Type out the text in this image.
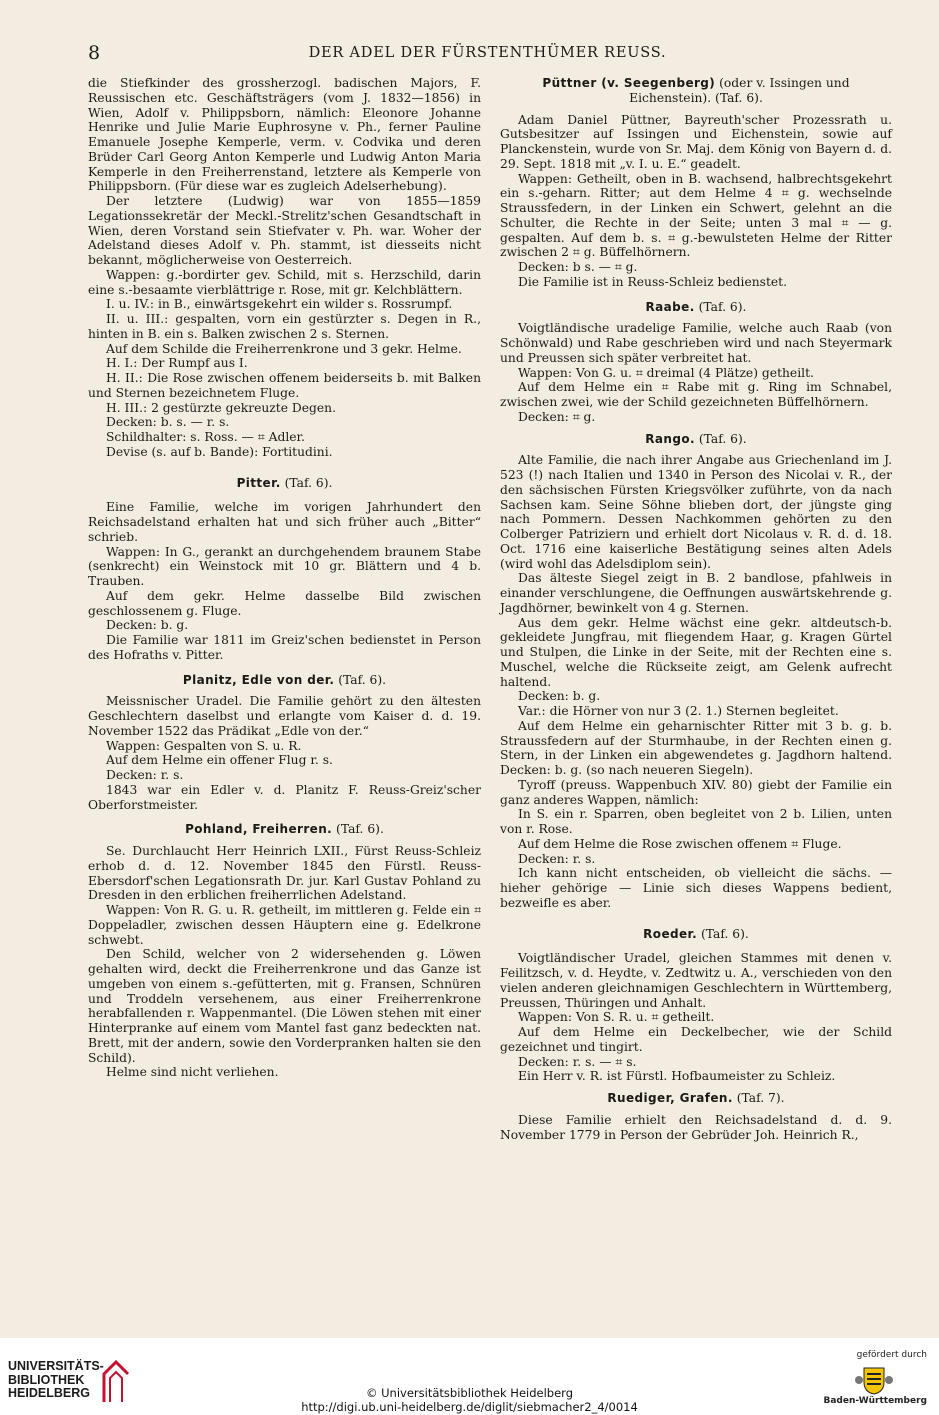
8	DER ADEL DER FÜRSTENTHÜMER REUSS.

die Stiefkinder des grossherzogl. badischen Majors, F. Reussischen etc. Geschäftsträgers (vom J. 1832—1856) in Wien, Adolf v. Philippsborn, nämlich: Eleonore Johanne Henrike und Julie Marie Euphrosyne v. Ph., ferner Pauline Emanuele Josephe Kemperle, verm. v. Codvika und deren Brüder Carl Georg Anton Kemperle und Ludwig Anton Maria Kemperle in den Freiherrenstand, letztere als Kemperle von Philippsborn. (Für diese war es zugleich Adelserhebung).

Der letztere (Ludwig) war von 1855—1859 Legationssekretär der Meckl.-Strelitz'schen Gesandtschaft in Wien, deren Vorstand sein Stiefvater v. Ph. war. Woher der Adelstand dieses Adolf v. Ph. stammt, ist diesseits nicht bekannt, möglicherweise von Oesterreich.

Wappen: g.-bordirter gev. Schild, mit s. Herzschild, darin eine s.-besaamte vierblättrige r. Rose, mit gr. Kelchblättern.

I. u. IV.: in B., einwärtsgekehrt ein wilder s. Rossrumpf.

II. u. III.: gespalten, vorn ein gestürzter s. Degen in R., hinten in B. ein s. Balken zwischen 2 s. Sternen.

Auf dem Schilde die Freiherrenkrone und 3 gekr. Helme.

H. I.: Der Rumpf aus I.

H. II.: Die Rose zwischen offenem beiderseits b. mit Balken und Sternen bezeichnetem Fluge.

H. III.: 2 gestürzte gekreuzte Degen.

Decken: b. s. — r. s.

Schildhalter: s. Ross. — ⌗ Adler.

Devise (s. auf b. Bande): Fortitudini.

Pitter. (Taf. 6).

Eine Familie, welche im vorigen Jahrhundert den Reichsadelstand erhalten hat und sich früher auch „Bitter“ schrieb.

Wappen: In G., gerankt an durchgehendem braunem Stabe (senkrecht) ein Weinstock mit 10 gr. Blättern und 4 b. Trauben.

Auf dem gekr. Helme dasselbe Bild zwischen geschlossenem g. Fluge.

Decken: b. g.

Die Familie war 1811 im Greiz'schen bedienstet in Person des Hofraths v. Pitter.

Planitz, Edle von der. (Taf. 6).

Meissnischer Uradel. Die Familie gehört zu den ältesten Geschlechtern daselbst und erlangte vom Kaiser d. d. 19. November 1522 das Prädikat „Edle von der.“

Wappen: Gespalten von S. u. R.

Auf dem Helme ein offener Flug r. s.

Decken: r. s.

1843 war ein Edler v. d. Planitz F. Reuss-Greiz'scher Oberforstmeister.

Pohland, Freiherren. (Taf. 6).

Se. Durchlaucht Herr Heinrich LXII., Fürst Reuss-Schleiz erhob d. d. 12. November 1845 den Fürstl. Reuss-Ebersdorf'schen Legationsrath Dr. jur. Karl Gustav Pohland zu Dresden in den erblichen freiherrlichen Adelstand.

Wappen: Von R. G. u. R. getheilt, im mittleren g. Felde ein ⌗ Doppeladler, zwischen dessen Häuptern eine g. Edelkrone schwebt.

Den Schild, welcher von 2 widersehenden g. Löwen gehalten wird, deckt die Freiherrenkrone und das Ganze ist umgeben von einem s.-gefütterten, mit g. Fransen, Schnüren und Troddeln versehenem, aus einer Freiherrenkrone herabfallenden r. Wappenmantel. (Die Löwen stehen mit einer Hinterpranke auf einem vom Mantel fast ganz bedeckten nat. Brett, mit der andern, sowie den Vorderpranken halten sie den Schild).

Helme sind nicht verliehen.

Püttner (v. Seegenberg) (oder v. Issingen und Eichenstein). (Taf. 6).

Adam Daniel Püttner, Bayreuth'scher Prozessrath u. Gutsbesitzer auf Issingen und Eichenstein, sowie auf Planckenstein, wurde von Sr. Maj. dem König von Bayern d. d. 29. Sept. 1818 mit „v. I. u. E.“ geadelt.

Wappen: Getheilt, oben in B. wachsend, halbrechtsgekehrt ein s.-geharn. Ritter; aut dem Helme 4 ⌗ g. wechselnde Straussfedern, in der Linken ein Schwert, gelehnt an die Schulter, die Rechte in der Seite; unten 3 mal ⌗ — g. gespalten. Auf dem b. s. ⌗ g.-bewulsteten Helme der Ritter zwischen 2 ⌗ g. Büffelhörnern.

Decken: b s. — ⌗ g.

Die Familie ist in Reuss-Schleiz bedienstet.

Raabe. (Taf. 6).

Voigtländische uradelige Familie, welche auch Raab (von Schönwald) und Rabe geschrieben wird und nach Steyermark und Preussen sich später verbreitet hat.

Wappen: Von G. u. ⌗ dreimal (4 Plätze) getheilt.

Auf dem Helme ein ⌗ Rabe mit g. Ring im Schnabel, zwischen zwei, wie der Schild gezeichneten Büffelhörnern.

Decken: ⌗ g.

Rango. (Taf. 6).

Alte Familie, die nach ihrer Angabe aus Griechenland im J. 523 (!) nach Italien und 1340 in Person des Nicolai v. R., der den sächsischen Fürsten Kriegsvölker zuführte, von da nach Sachsen kam. Seine Söhne blieben dort, der jüngste ging nach Pommern. Dessen Nachkommen gehörten zu den Colberger Patriziern und erhielt dort Nicolaus v. R. d. d. 18. Oct. 1716 eine kaiserliche Bestätigung seines alten Adels (wird wohl das Adelsdiplom sein).

Das älteste Siegel zeigt in B. 2 bandlose, pfahlweis in einander verschlungene, die Oeffnungen auswärtskehrende g. Jagdhörner, bewinkelt von 4 g. Sternen.

Aus dem gekr. Helme wächst eine gekr. altdeutsch-b. gekleidete Jungfrau, mit fliegendem Haar, g. Kragen Gürtel und Stulpen, die Linke in der Seite, mit der Rechten eine s. Muschel, welche die Rückseite zeigt, am Gelenk aufrecht haltend.

Decken: b. g.

Var.: die Hörner von nur 3 (2. 1.) Sternen begleitet.

Auf dem Helme ein geharnischter Ritter mit 3 b. g. b. Straussfedern auf der Sturmhaube, in der Rechten einen g. Stern, in der Linken ein abgewendetes g. Jagdhorn haltend. Decken: b. g. (so nach neueren Siegeln).

Tyroff (preuss. Wappenbuch XIV. 80) giebt der Familie ein ganz anderes Wappen, nämlich:

In S. ein r. Sparren, oben begleitet von 2 b. Lilien, unten von r. Rose.

Auf dem Helme die Rose zwischen offenem ⌗ Fluge.

Decken: r. s.

Ich kann nicht entscheiden, ob vielleicht die sächs. — hieher gehörige — Linie sich dieses Wappens bedient, bezweifle es aber.

Roeder. (Taf. 6).

Voigtländischer Uradel, gleichen Stammes mit denen v. Feilitzsch, v. d. Heydte, v. Zedtwitz u. A., verschieden von den vielen anderen gleichnamigen Geschlechtern in Württemberg, Preussen, Thüringen und Anhalt.

Wappen: Von S. R. u. ⌗ getheilt.

Auf dem Helme ein Deckelbecher, wie der Schild gezeichnet und tingirt.

Decken: r. s. — ⌗ s.

Ein Herr v. R. ist Fürstl. Hofbaumeister zu Schleiz.

Ruediger, Grafen. (Taf. 7).

Diese Familie erhielt den Reichsadelstand d. d. 9. November 1779 in Person der Gebrüder Joh. Heinrich R.,

UNIVERSITÄTS-
BIBLIOTHEK
HEIDELBERG	© Universitätsbibliothek Heidelberg
http://digi.ub.uni-heidelberg.de/diglit/siebmacher2_4/0014
gefördert durch
Baden-Württemberg
